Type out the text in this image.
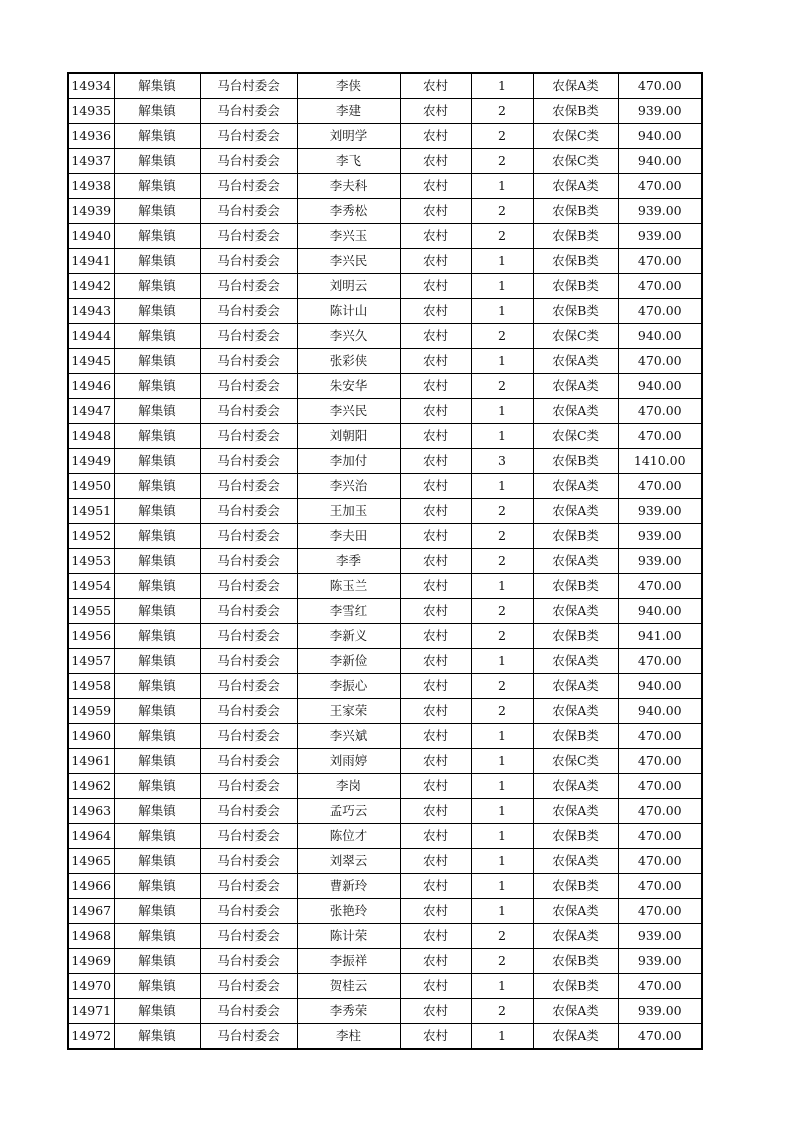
14934	解集镇	马台村委会	李侠	农村	1	农保A类	470.00
14935	解集镇	马台村委会	李建	农村	2	农保B类	939.00
14936	解集镇	马台村委会	刘明学	农村	2	农保C类	940.00
14937	解集镇	马台村委会	李飞	农村	2	农保C类	940.00
14938	解集镇	马台村委会	李夫科	农村	1	农保A类	470.00
14939	解集镇	马台村委会	李秀松	农村	2	农保B类	939.00
14940	解集镇	马台村委会	李兴玉	农村	2	农保B类	939.00
14941	解集镇	马台村委会	李兴民	农村	1	农保B类	470.00
14942	解集镇	马台村委会	刘明云	农村	1	农保B类	470.00
14943	解集镇	马台村委会	陈计山	农村	1	农保B类	470.00
14944	解集镇	马台村委会	李兴久	农村	2	农保C类	940.00
14945	解集镇	马台村委会	张彩侠	农村	1	农保A类	470.00
14946	解集镇	马台村委会	朱安华	农村	2	农保A类	940.00
14947	解集镇	马台村委会	李兴民	农村	1	农保A类	470.00
14948	解集镇	马台村委会	刘朝阳	农村	1	农保C类	470.00
14949	解集镇	马台村委会	李加付	农村	3	农保B类	1410.00
14950	解集镇	马台村委会	李兴治	农村	1	农保A类	470.00
14951	解集镇	马台村委会	王加玉	农村	2	农保A类	939.00
14952	解集镇	马台村委会	李夫田	农村	2	农保B类	939.00
14953	解集镇	马台村委会	李季	农村	2	农保A类	939.00
14954	解集镇	马台村委会	陈玉兰	农村	1	农保B类	470.00
14955	解集镇	马台村委会	李雪红	农村	2	农保A类	940.00
14956	解集镇	马台村委会	李新义	农村	2	农保B类	941.00
14957	解集镇	马台村委会	李新俭	农村	1	农保A类	470.00
14958	解集镇	马台村委会	李振心	农村	2	农保A类	940.00
14959	解集镇	马台村委会	王家荣	农村	2	农保A类	940.00
14960	解集镇	马台村委会	李兴斌	农村	1	农保B类	470.00
14961	解集镇	马台村委会	刘雨婷	农村	1	农保C类	470.00
14962	解集镇	马台村委会	李岗	农村	1	农保A类	470.00
14963	解集镇	马台村委会	孟巧云	农村	1	农保A类	470.00
14964	解集镇	马台村委会	陈位才	农村	1	农保B类	470.00
14965	解集镇	马台村委会	刘翠云	农村	1	农保A类	470.00
14966	解集镇	马台村委会	曹新玲	农村	1	农保B类	470.00
14967	解集镇	马台村委会	张艳玲	农村	1	农保A类	470.00
14968	解集镇	马台村委会	陈计荣	农村	2	农保A类	939.00
14969	解集镇	马台村委会	李振祥	农村	2	农保B类	939.00
14970	解集镇	马台村委会	贺桂云	农村	1	农保B类	470.00
14971	解集镇	马台村委会	李秀荣	农村	2	农保A类	939.00
14972	解集镇	马台村委会	李柱	农村	1	农保A类	470.00
